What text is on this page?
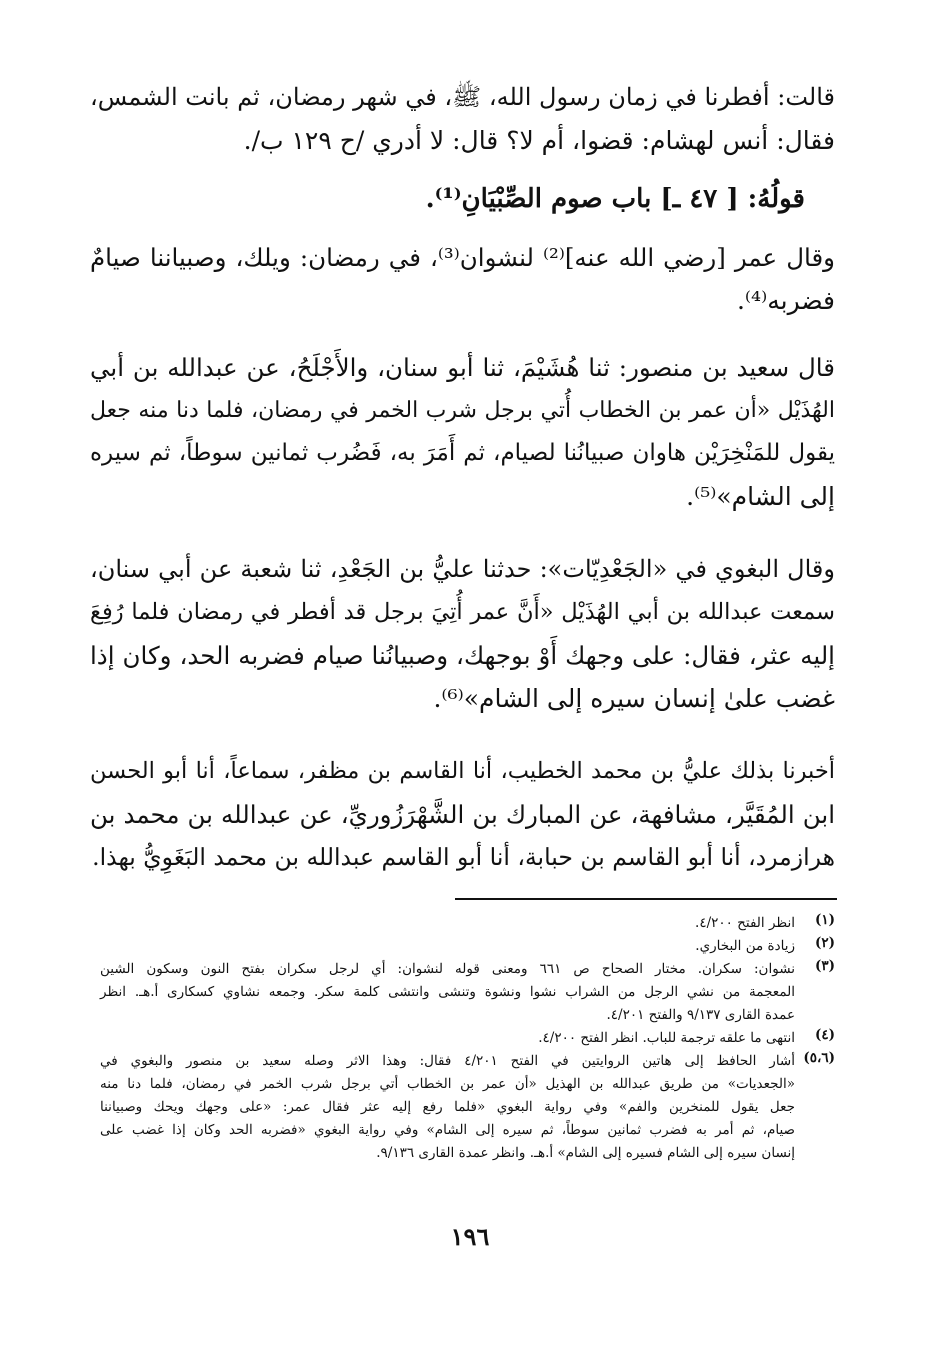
قالت: أفطرنا في زمان رسول الله، ﷺ، في شهر رمضان، ثم بانت الشمس،
فقال: أنس لهشام: قضوا، أم لا؟ قال: لا أدري /ح ١٢٩ ب/.
قولُهُ: [ ٤٧ ـ] باب صوم الصِّبْيَانِ⁽¹⁾.
وقال عمر [رضي الله عنه]⁽²⁾ لنشوان⁽³⁾، في رمضان: ويلك، وصبياننا صيامٌ
فضربه⁽⁴⁾.
قال سعيد بن منصور: ثنا هُشَيْمَ، ثنا أبو سنان، والأَجْلَحُ، عن عبدالله بن أبي
الهُذَيْل «أن عمر بن الخطاب أُتي برجل شرب الخمر في رمضان، فلما دنا منه جعل
يقول للمَنْخِرَيْن هاوان صبيانُنا لصيام، ثم أَمَرَ به، فَضُرب ثمانين سوطاً، ثم سيره
إلى الشام»⁽⁵⁾.
وقال البغوي في «الجَعْدِيّات»: حدثنا عليُّ بن الجَعْدِ، ثنا شعبة عن أبي سنان،
سمعت عبدالله بن أبي الهُذَيْل «أَنَّ عمر أُتِيَ برجل قد أفطر في رمضان فلما رُفِعَ
إليه عثر، فقال: على وجهك أَوْ بوجهك، وصبيانُنا صيام فضربه الحد، وكان إذا
غضب علىٰ إنسان سيره إلى الشام»⁽⁶⁾.
أخبرنا بذلك عليُّ بن محمد الخطيب، أنا القاسم بن مظفر، سماعاً، أنا أبو الحسن
ابن المُقَيَّر، مشافهة، عن المبارك بن الشَّهْرَزُوريِّ، عن عبدالله بن محمد بن
هرازمرد، أنا أبو القاسم بن حبابة، أنا أبو القاسم عبدالله بن محمد البَغَوِيُّ بهذا.
(١)
انظر الفتح ٤/٢٠٠.
(٢)
زيادة من البخاري.
(٣)
نشوان: سكران. مختار الصحاح ص ٦٦١ ومعنى قوله لنشوان: أي لرجل سكران بفتح النون وسكون الشين
المعجمة من نشي الرجل من الشراب نشوا ونشوة وتنشى وانتشى كلمة سكر. وجمعه نشاوي كسكارى أ.هـ. انظر
عمدة القارى ٩/١٣٧ والفتح ٤/٢٠١.
(٤)
انتهى ما علقه ترجمة للباب. انظر الفتح ٤/٢٠٠.
(٥،٦)
أشار الحافظ إلى هاتين الروايتين في الفتح ٤/٢٠١ فقال: وهذا الاثر وصله سعيد بن منصور والبغوي في
«الجعديات» من طريق عبدالله بن الهذيل «أن عمر بن الخطاب أتي برجل شرب الخمر في رمضان، فلما دنا منه
جعل يقول للمنخرين والفم» وفي رواية البغوي «فلما رفع إليه عثر فقال عمر: «على وجهك ويحك وصبياننا
صيام، ثم أمر به فضرب ثمانين سوطاً، ثم سيره إلى الشام» وفي رواية البغوي «فضربه الحد وكان إذا غضب على
إنسان سيره إلى الشام فسيره إلى الشام» أ.هـ. وانظر عمدة القارى ٩/١٣٦.
١٩٦
